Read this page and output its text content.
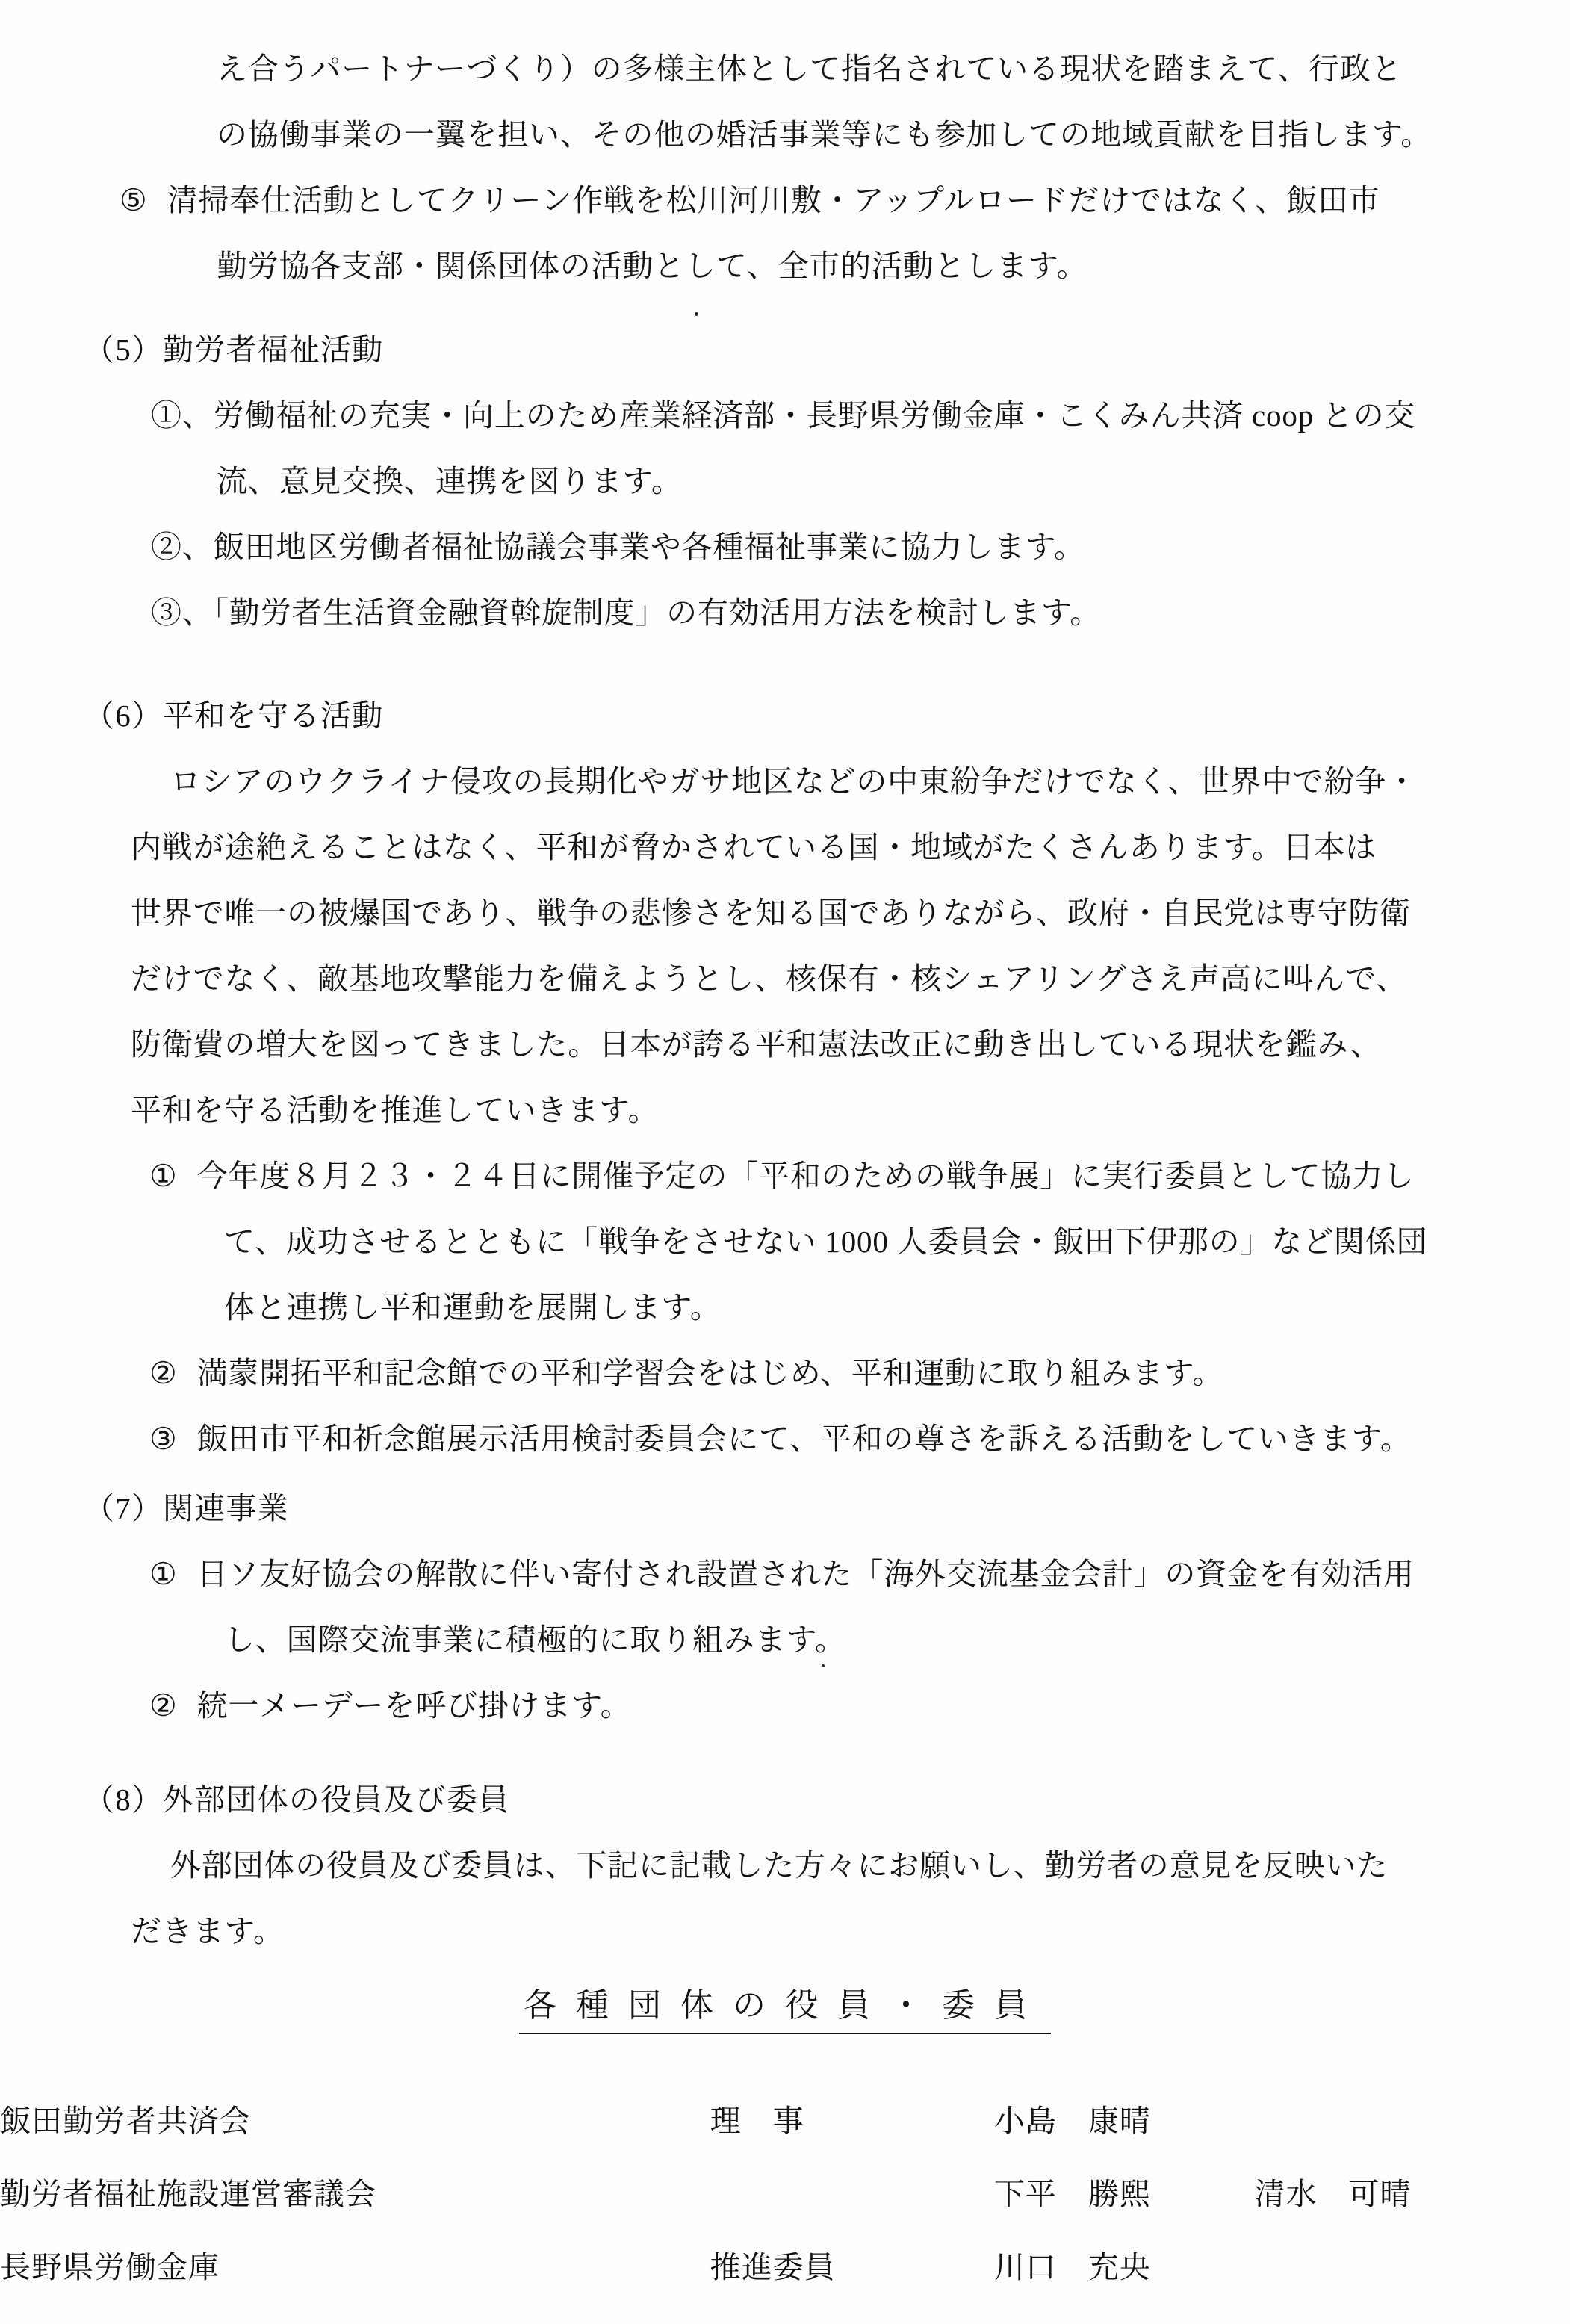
え合うパートナーづくり）の多様主体として指名されている現状を踏まえて、行政と
の協働事業の一翼を担い、その他の婚活事業等にも参加しての地域貢献を目指します。
⑤ 清掃奉仕活動としてクリーン作戦を松川河川敷・アップルロードだけではなく、飯田市
勤労協各支部・関係団体の活動として、全市的活動とします。
（5）勤労者福祉活動
①、労働福祉の充実・向上のため産業経済部・長野県労働金庫・こくみん共済 coop との交
流、意見交換、連携を図ります。
②、飯田地区労働者福祉協議会事業や各種福祉事業に協力します。
③、「勤労者生活資金融資斡旋制度」の有効活用方法を検討します。
（6）平和を守る活動
ロシアのウクライナ侵攻の長期化やガサ地区などの中東紛争だけでなく、世界中で紛争・
内戦が途絶えることはなく、平和が脅かされている国・地域がたくさんあります。日本は
世界で唯一の被爆国であり、戦争の悲惨さを知る国でありながら、政府・自民党は専守防衛
だけでなく、敵基地攻撃能力を備えようとし、核保有・核シェアリングさえ声高に叫んで、
防衛費の増大を図ってきました。日本が誇る平和憲法改正に動き出している現状を鑑み、
平和を守る活動を推進していきます。
① 今年度８月２３・２４日に開催予定の「平和のための戦争展」に実行委員として協力し
て、成功させるとともに「戦争をさせない 1000 人委員会・飯田下伊那の」など関係団
体と連携し平和運動を展開します。
② 満蒙開拓平和記念館での平和学習会をはじめ、平和運動に取り組みます。
③ 飯田市平和祈念館展示活用検討委員会にて、平和の尊さを訴える活動をしていきます。
（7）関連事業
① 日ソ友好協会の解散に伴い寄付され設置された「海外交流基金会計」の資金を有効活用
し、国際交流事業に積極的に取り組みます。
② 統一メーデーを呼び掛けます。
（8）外部団体の役員及び委員
外部団体の役員及び委員は、下記に記載した方々にお願いし、勤労者の意見を反映いた
だきます。
各種団体の役員・委員
飯田勤労者共済会	理　事	小島　康晴	
勤労者福祉施設運営審議会		下平　勝熙	清水　可晴
長野県労働金庫	推進委員	川口　充央	
